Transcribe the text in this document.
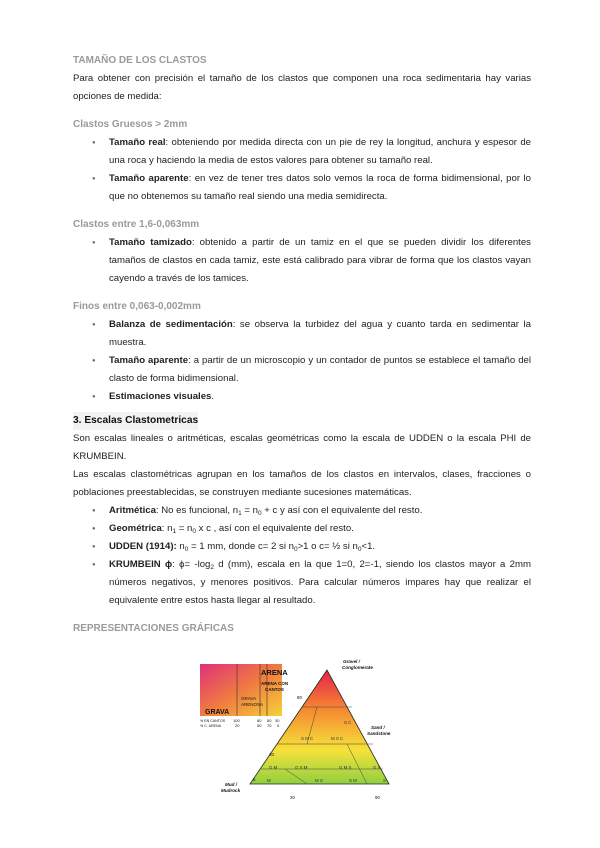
TAMAÑO DE LOS CLASTOS

Para obtener con precisión el tamaño de los clastos que componen una roca sedimentaria hay varias opciones de medida:

Clastos Gruesos > 2mm

● Tamaño real: obteniendo por medida directa con un pie de rey la longitud, anchura y espesor de una roca y haciendo la media de estos valores para obtener su tamaño real.
● Tamaño aparente: en vez de tener tres datos solo vemos la roca de forma bidimensional, por lo que no obtenemos su tamaño real siendo una media semidirecta.

Clastos entre 1,6-0,063mm

● Tamaño tamizado: obtenido a partir de un tamiz en el que se pueden dividir los diferentes tamaños de clastos en cada tamiz, este está calibrado para vibrar de forma que los clastos vayan cayendo a través de los tamices.

Finos entre 0,063-0,002mm

● Balanza de sedimentación: se observa la turbidez del agua y cuanto tarda en sedimentar la muestra.
● Tamaño aparente: a partir de un microscopio y un contador de puntos se establece el tamaño del clasto de forma bidimensional.
● Estimaciones visuales.
3. Escalas Clastometricas

Son escalas lineales o aritméticas, escalas geométricas como la escala de UDDEN o la escala PHI de KRUMBEIN.

Las escalas clastométricas agrupan en los tamaños de los clastos en intervalos, clases, fracciones o poblaciones preestablecidas, se construyen mediante sucesiones matemáticas.

● Aritmética: No es funcional, $n_1 = n_0 + c$ y así con el equivalente del resto.
● Geométrica: $n_1 = n_0$ x c , así con el equivalente del resto.
● UDDEN (1914): $n_0 = 1$ mm, donde c= 2 si $n_0>1$ o c= ½ si $n_0<1$.
● KRUMBEIN ϕ: $\phi= -\log_2$ d (mm), escala en la que 1=0, 2=-1, siendo los clastos mayor a 2mm números negativos, y menores positivos. Para calcular números impares hay que realizar el equivalente entre estos hasta llegar al resultado.

REPRESENTACIONES GRÁFICAS

ARENA
ARENA CON
CANTOS
GRAVA
ARENOSA
GRAVA
% EN CANTOS
% C. ARENA
100	80 50 30
20	50 70 0
Gravel /
Conglomerate
Sand /
Sandstone
Mud /
Mudrock
80
30
5
30	90
S C
S M C	M S C
G M	G S M	G M S	G S
M	M S	S
S M
